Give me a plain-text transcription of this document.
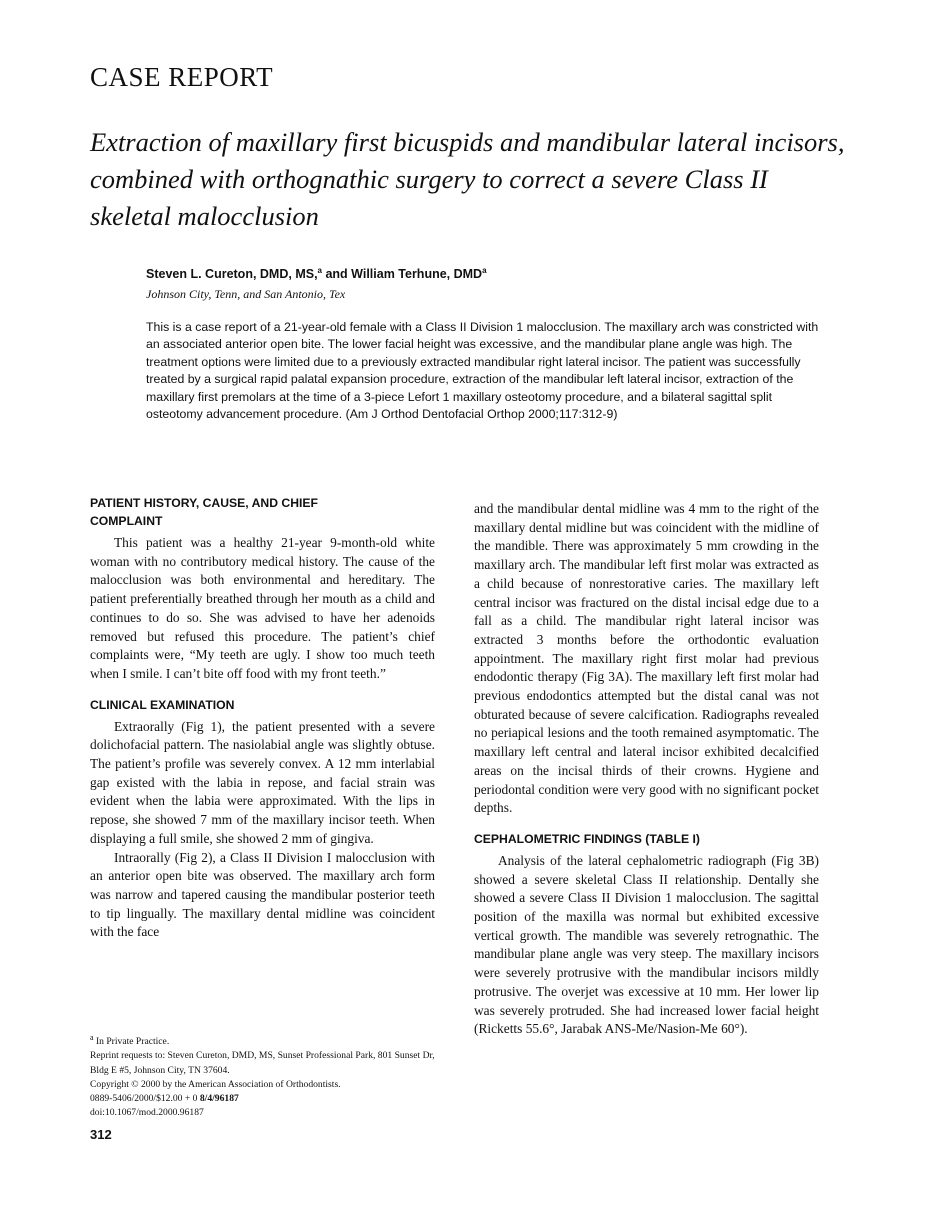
CASE REPORT
Extraction of maxillary first bicuspids and mandibular lateral incisors, combined with orthognathic surgery to correct a severe Class II skeletal malocclusion
Steven L. Cureton, DMD, MS,$^a$ and William Terhune, DMD$^a$
Johnson City, Tenn, and San Antonio, Tex

This is a case report of a 21-year-old female with a Class II Division 1 malocclusion. The maxillary arch was constricted with an associated anterior open bite. The lower facial height was excessive, and the mandibular plane angle was high. The treatment options were limited due to a previously extracted mandibular right lateral incisor. The patient was successfully treated by a surgical rapid palatal expansion procedure, extraction of the mandibular left lateral incisor, extraction of the maxillary first premolars at the time of a 3-piece Lefort 1 maxillary osteotomy procedure, and a bilateral sagittal split osteotomy advancement procedure. (Am J Orthod Dentofacial Orthop 2000;117:312-9)

PATIENT HISTORY, CAUSE, AND CHIEF
COMPLAINT

This patient was a healthy 21-year 9-month-old white woman with no contributory medical history. The cause of the malocclusion was both environmental and hereditary. The patient preferentially breathed through her mouth as a child and continues to do so. She was advised to have her adenoids removed but refused this procedure. The patient’s chief complaints were, “My teeth are ugly. I show too much teeth when I smile. I can’t bite off food with my front teeth.”

CLINICAL EXAMINATION

Extraorally (Fig 1), the patient presented with a severe dolichofacial pattern. The nasiolabial angle was slightly obtuse. The patient’s profile was severely convex. A 12 mm interlabial gap existed with the labia in repose, and facial strain was evident when the labia were approximated. With the lips in repose, she showed 7 mm of the maxillary incisor teeth. When displaying a full smile, she showed 2 mm of gingiva.

Intraorally (Fig 2), a Class II Division I malocclusion with an anterior open bite was observed. The maxillary arch form was narrow and tapered causing the mandibular posterior teeth to tip lingually. The maxillary dental midline was coincident with the face

and the mandibular dental midline was 4 mm to the right of the maxillary dental midline but was coincident with the midline of the mandible. There was approximately 5 mm crowding in the maxillary arch. The mandibular left first molar was extracted as a child because of nonrestorative caries. The maxillary left central incisor was fractured on the distal incisal edge due to a fall as a child. The mandibular right lateral incisor was extracted 3 months before the orthodontic evaluation appointment. The maxillary right first molar had previous endodontic therapy (Fig 3A). The maxillary left first molar had previous endodontics attempted but the distal canal was not obturated because of severe calcification. Radiographs revealed no periapical lesions and the tooth remained asymptomatic. The maxillary left central and lateral incisor exhibited decalcified areas on the incisal thirds of their crowns. Hygiene and periodontal condition were very good with no significant pocket depths.

CEPHALOMETRIC FINDINGS (TABLE I)

Analysis of the lateral cephalometric radiograph (Fig 3B) showed a severe skeletal Class II relationship. Dentally she showed a severe Class II Division 1 malocclusion. The sagittal position of the maxilla was normal but exhibited excessive vertical growth. The mandible was severely retrognathic. The mandibular plane angle was very steep. The maxillary incisors were severely protrusive with the mandibular incisors mildly protrusive. The overjet was excessive at 10 mm. Her lower lip was severely protruded. She had increased lower facial height (Ricketts 55.6°, Jarabak ANS-Me/Nasion-Me 60°).

$^a$ In Private Practice.
Reprint requests to: Steven Cureton, DMD, MS, Sunset Professional Park, 801 Sunset Dr, Bldg E #5, Johnson City, TN 37604.
Copyright © 2000 by the American Association of Orthodontists.
0889-5406/2000/$12.00 + 0 8/4/96187
doi:10.1067/mod.2000.96187
312
